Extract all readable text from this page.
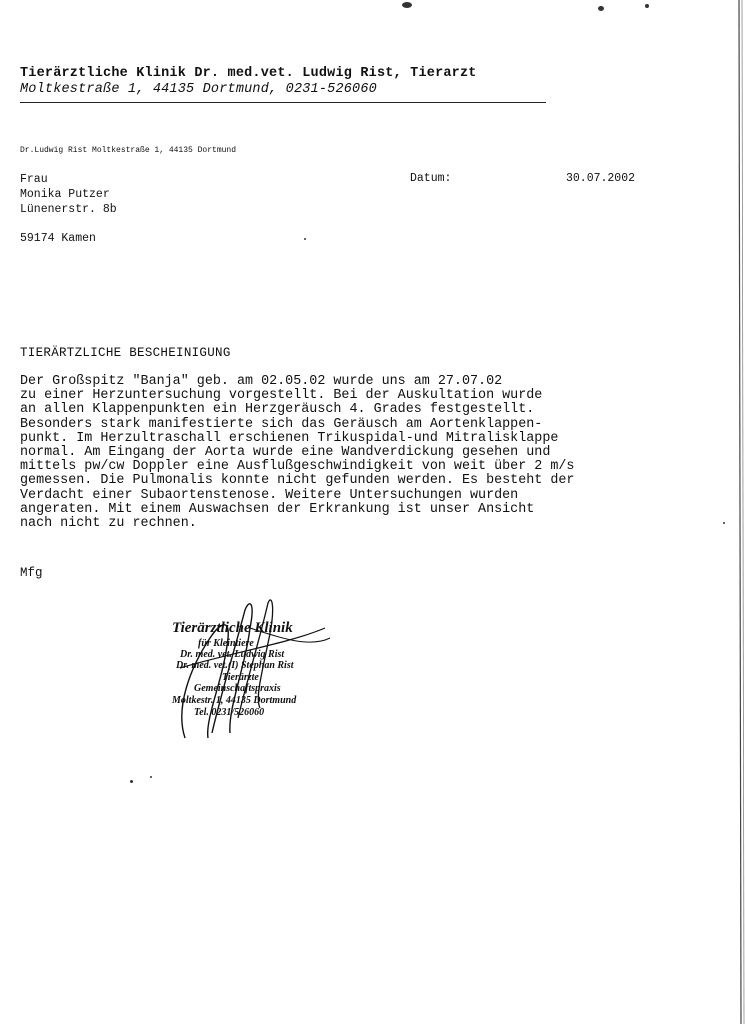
Tierärztliche Klinik Dr. med.vet. Ludwig Rist, Tierarzt
Moltkestraße 1, 44135 Dortmund, 0231-526060
Dr.Ludwig Rist Moltkestraße 1, 44135 Dortmund
Frau
Monika Putzer
Lünenerstr. 8b
59174 Kamen
Datum:	30.07.2002
TIERÄRTZLICHE BESCHEINIGUNG
Der Großspitz "Banja" geb. am 02.05.02 wurde uns am 27.07.02
zu einer Herzuntersuchung vorgestellt. Bei der Auskultation wurde
an allen Klappenpunkten ein Herzgeräusch 4. Grades festgestellt.
Besonders stark manifestierte sich das Geräusch am Aortenklappen-
punkt. Im Herzultraschall erschienen Trikuspidal-und Mitralisklappe
normal. Am Eingang der Aorta wurde eine Wandverdickung gesehen und
mittels pw/cw Doppler eine Ausflußgeschwindigkeit von weit über 2 m/s
gemessen. Die Pulmonalis konnte nicht gefunden werden. Es besteht der
Verdacht einer Subaortenstenose. Weitere Untersuchungen wurden
angeraten. Mit einem Auswachsen der Erkrankung ist unser Ansicht
nach nicht zu rechnen.
Mfg
Tierärztliche Klinik
für Kleintiere
Dr. med. vet. Ludwig Rist
Dr. med. vet.(I) Stephan Rist
Tierärzte
Gemeinschaftspraxis
Moltkestr. 1, 44135 Dortmund
Tel. 0231/526060
